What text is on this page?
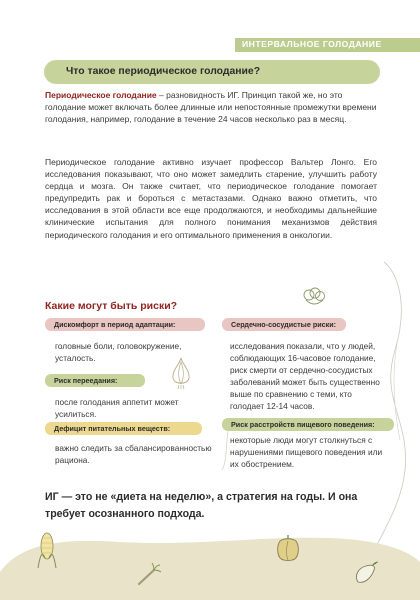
ИНТЕРВАЛЬНОЕ ГОЛОДАНИЕ
Что такое периодическое голодание?
Периодическое голодание – разновидность ИГ. Принцип такой же, но это голодание может включать более длинные или непостоянные промежутки времени голодания, например, голодание в течение 24 часов несколько раз в месяц.
Периодическое голодание активно изучает профессор Вальтер Лонго. Его исследования показывают, что оно может замедлить старение, улучшить работу сердца и мозга. Он также считает, что периодическое голодание помогает предупредить рак и бороться с метастазами. Однако важно отметить, что исследования в этой области все еще продолжаются, и необходимы дальнейшие клинические испытания для полного понимания механизмов действия периодического голодания и его оптимального применения в онкологии.
Какие могут быть риски?
Дискомфорт в период адаптации:
головные боли, головокружение, усталость.
Риск переедания:
после голодания аппетит может усилиться.
Дефицит питательных веществ:
важно следить за сбалансированностью рациона.
Сердечно-сосудистые риски:
исследования показали, что у людей, соблюдающих 16-часовое голодание, риск смерти от сердечно-сосудистых заболеваний может быть существенно выше по сравнению с теми, кто голодает 12-14 часов.
Риск расстройств пищевого поведения:
некоторые люди могут столкнуться с нарушениями пищевого поведения или их обострением.
ИГ — это не «диета на неделю», а стратегия на годы. И она требует осознанного подхода.
